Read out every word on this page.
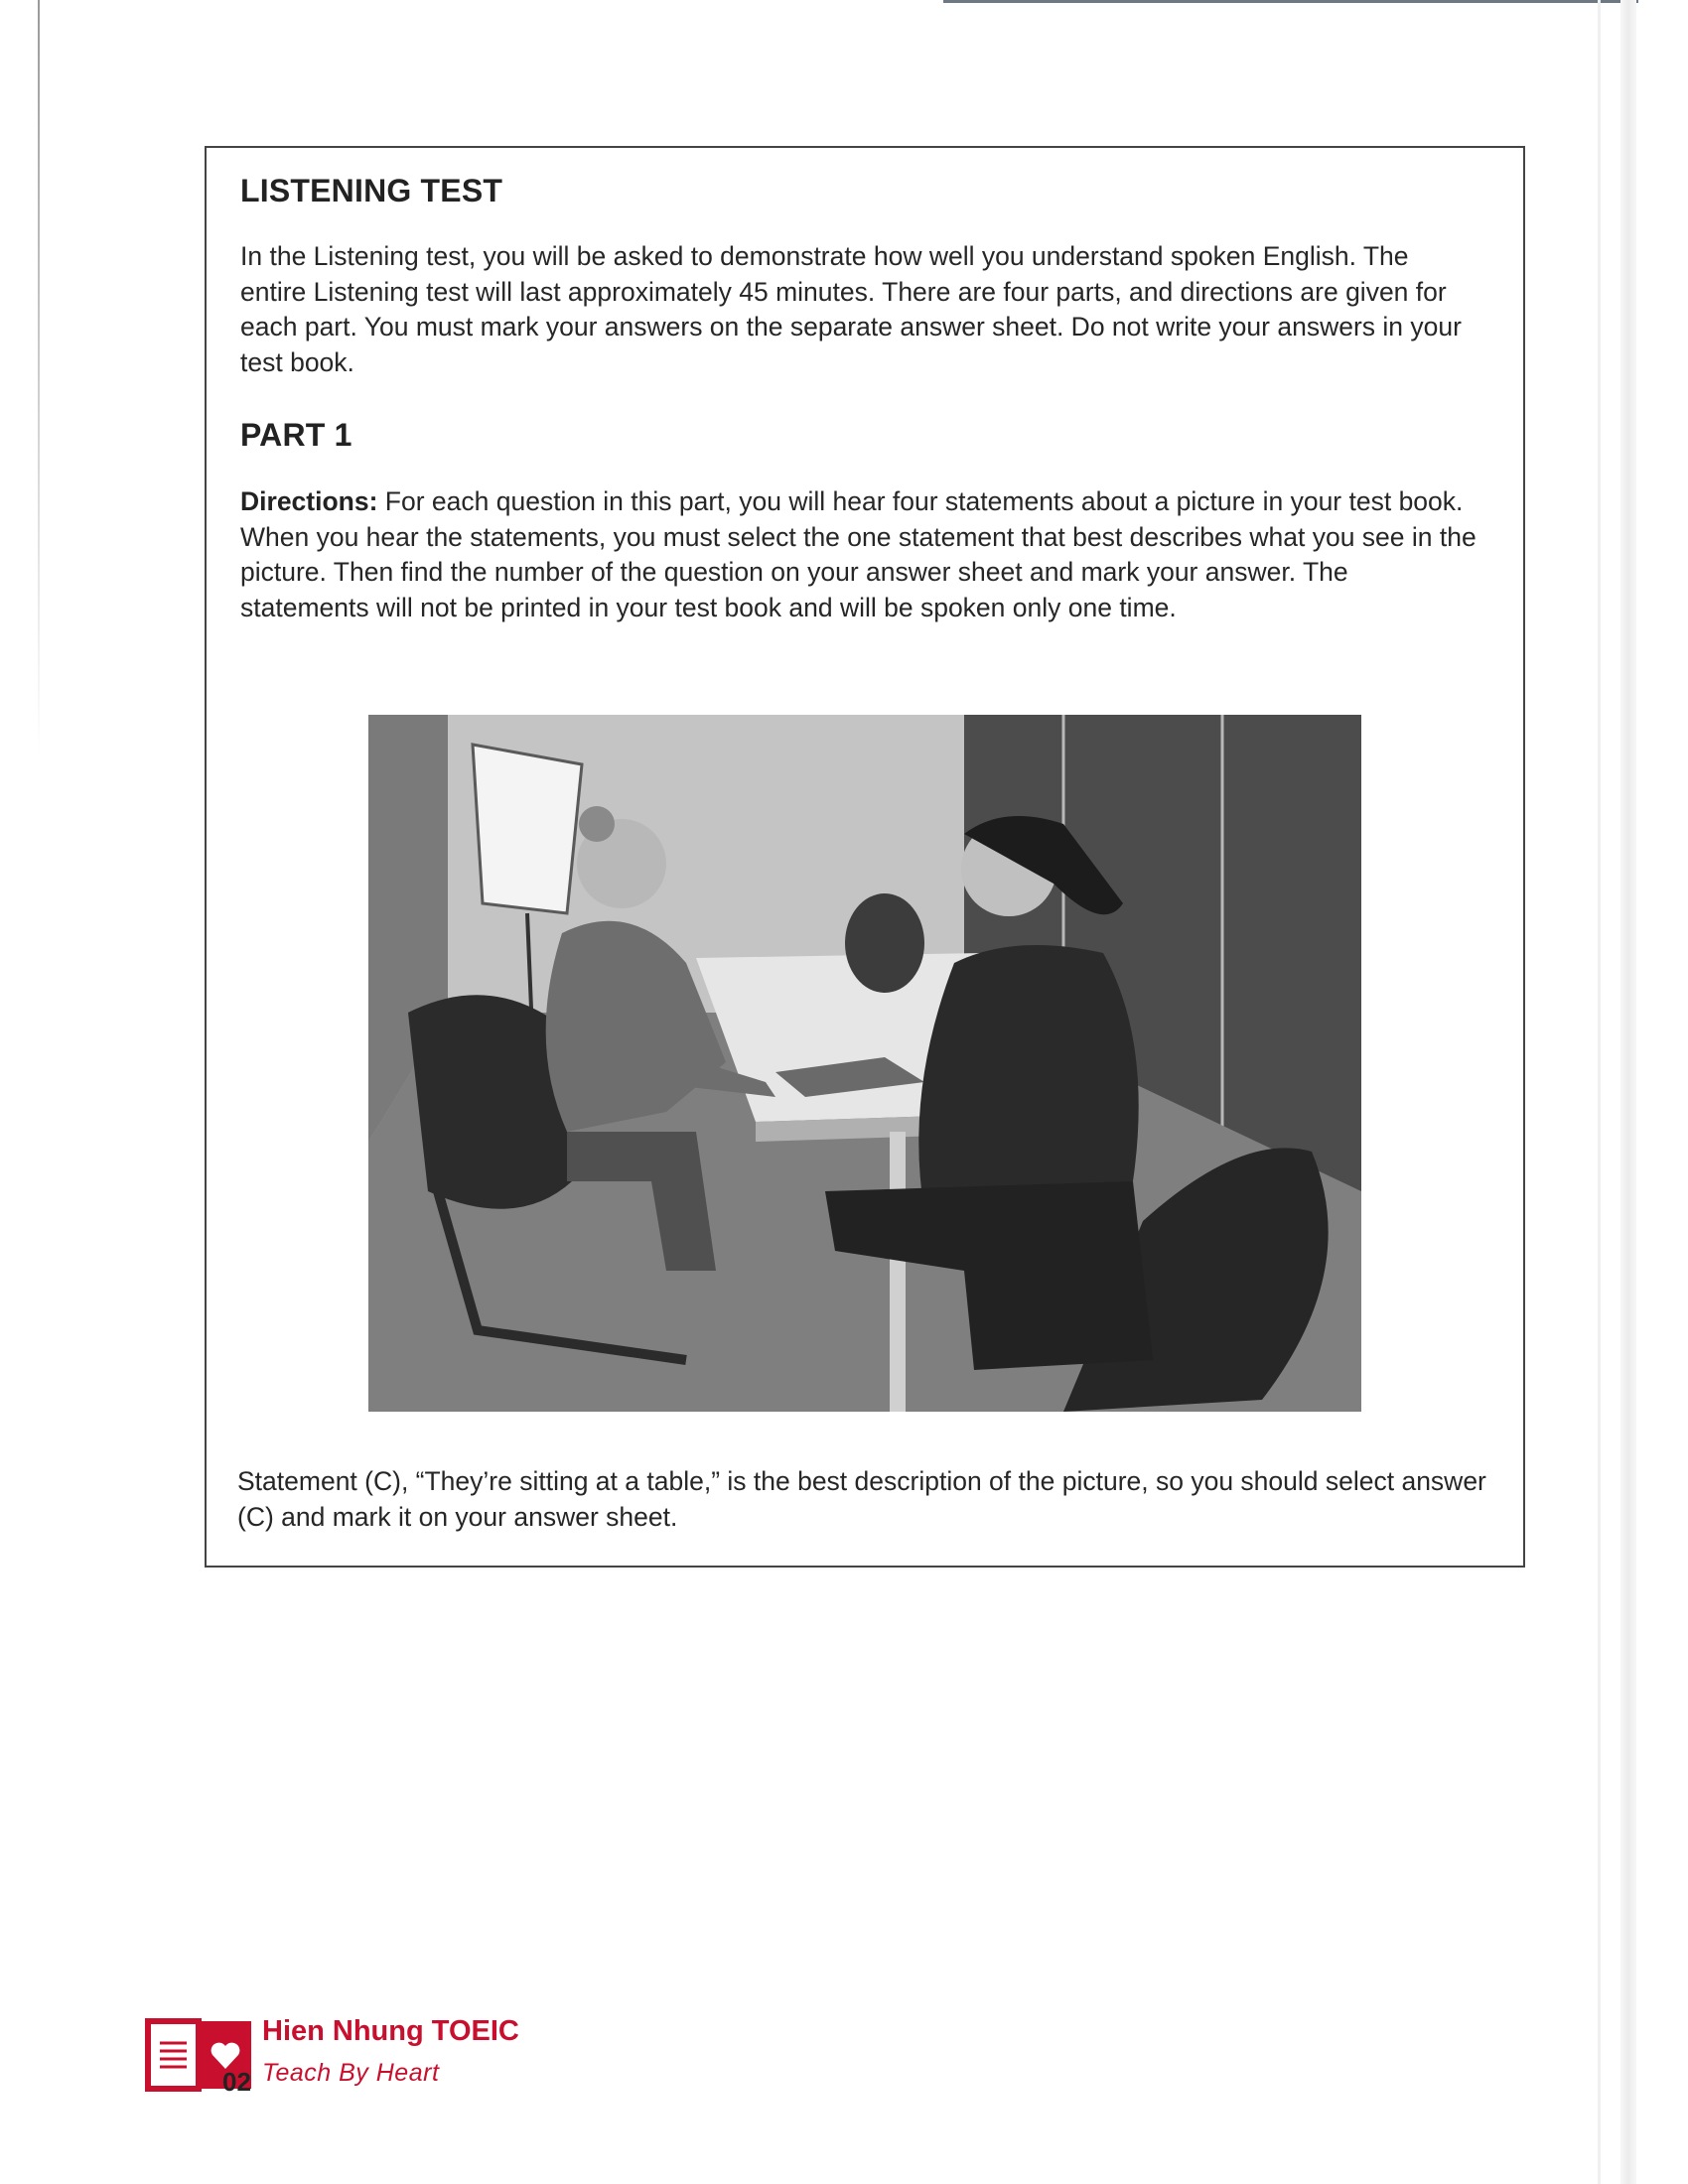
LISTENING TEST

In the Listening test, you will be asked to demonstrate how well you understand spoken English. The entire Listening test will last approximately 45 minutes. There are four parts, and directions are given for each part. You must mark your answers on the separate answer sheet. Do not write your answers in your test book.

PART 1

Directions: For each question in this part, you will hear four statements about a picture in your test book. When you hear the statements, you must select the one statement that best describes what you see in the picture. Then find the number of the question on your answer sheet and mark your answer. The statements will not be printed in your test book and will be spoken only one time.

Statement (C), “They’re sitting at a table,” is the best description of the picture, so you should select answer (C) and mark it on your answer sheet.

02
Hien Nhung TOEIC
Teach By Heart
